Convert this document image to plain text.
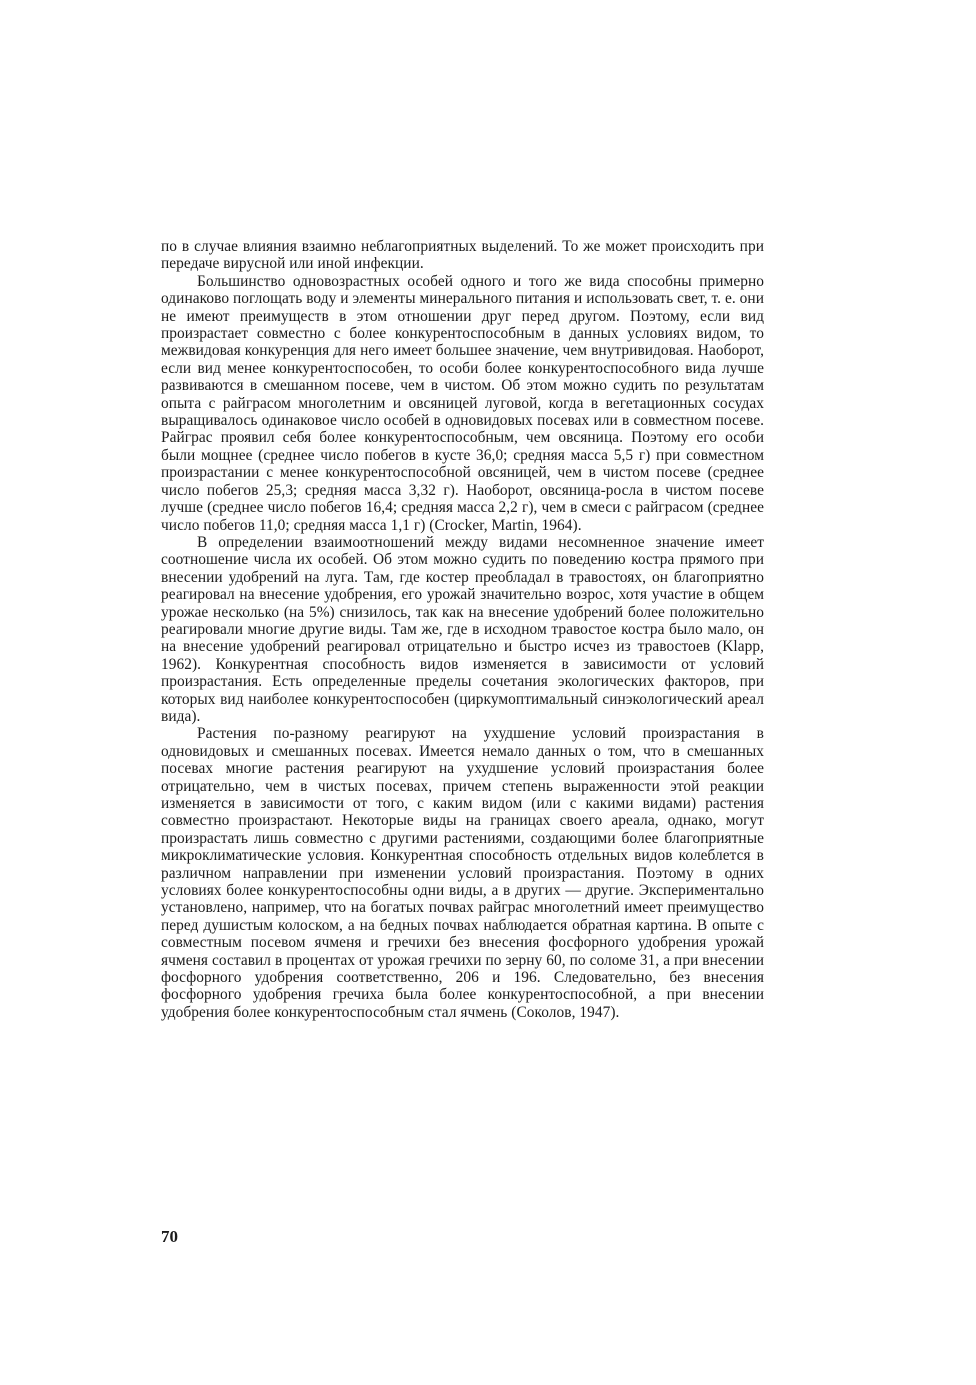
по в случае влияния взаимно неблагоприятных выделений. То же может происходить при передаче вирусной или иной инфекции.

Большинство одновозрастных особей одного и того же вида способны примерно одинаково поглощать воду и элементы минерального питания и использовать свет, т. е. они не имеют преимуществ в этом отношении друг перед другом. Поэтому, если вид произрастает совместно с более конкурентоспособным в данных условиях видом, то межвидовая конкуренция для него имеет большее значение, чем внутривидовая. Наоборот, если вид менее конкурентоспособен, то особи более конкурентоспособного вида лучше развиваются в смешанном посеве, чем в чистом. Об этом можно судить по результатам опыта с райграсом многолетним и овсяницей луговой, когда в вегетационных сосудах выращивалось одинаковое число особей в одновидовых посевах или в совместном посеве. Райграс проявил себя более конкурентоспособным, чем овсяница. Поэтому его особи были мощнее (среднее число побегов в кусте 36,0; средняя масса 5,5 г) при совместном произрастании с менее конкурентоспособной овсяницей, чем в чистом посеве (среднее число побегов 25,3; средняя масса 3,32 г). Наоборот, овсяница-росла в чистом посеве лучше (среднее число побегов 16,4; средняя масса 2,2 г), чем в смеси с райграсом (среднее число побегов 11,0; средняя масса 1,1 г) (Crocker, Martin, 1964).

В определении взаимоотношений между видами несомненное значение имеет соотношение числа их особей. Об этом можно судить по поведению костра прямого при внесении удобрений на луга. Там, где костер преобладал в травостоях, он благоприятно реагировал на внесение удобрения, его урожай значительно возрос, хотя участие в общем урожае несколько (на 5%) снизилось, так как на внесение удобрений более положительно реагировали многие другие виды. Там же, где в исходном травостое костра было мало, он на внесение удобрений реагировал отрицательно и быстро исчез из травостоев (Klapp, 1962). Конкурентная способность видов изменяется в зависимости от условий произрастания. Есть определенные пределы сочетания экологических факторов, при которых вид наиболее конкурентоспособен (циркумоптимальный синэкологический ареал вида).

Растения по-разному реагируют на ухудшение условий произрастания в одновидовых и смешанных посевах. Имеется немало данных о том, что в смешанных посевах многие растения реагируют на ухудшение условий произрастания более отрицательно, чем в чистых посевах, причем степень выраженности этой реакции изменяется в зависимости от того, с каким видом (или с какими видами) растения совместно произрастают. Некоторые виды на границах своего ареала, однако, могут произрастать лишь совместно с другими растениями, создающими более благоприятные микроклиматические условия. Конкурентная способность отдельных видов колеблется в различном направлении при изменении условий произрастания. Поэтому в одних условиях более конкурентоспособны одни виды, а в других — другие. Экспериментально установлено, например, что на богатых почвах райграс многолетний имеет преимущество перед душистым колоском, а на бедных почвах наблюдается обратная картина. В опыте с совместным посевом ячменя и гречихи без внесения фосфорного удобрения урожай ячменя составил в процентах от урожая гречихи по зерну 60, по соломе 31, а при внесении фосфорного удобрения соответственно, 206 и 196. Следовательно, без внесения фосфорного удобрения гречиха была более конкурентоспособной, а при внесении удобрения более конкурентоспособным стал ячмень (Соколов, 1947).

70
